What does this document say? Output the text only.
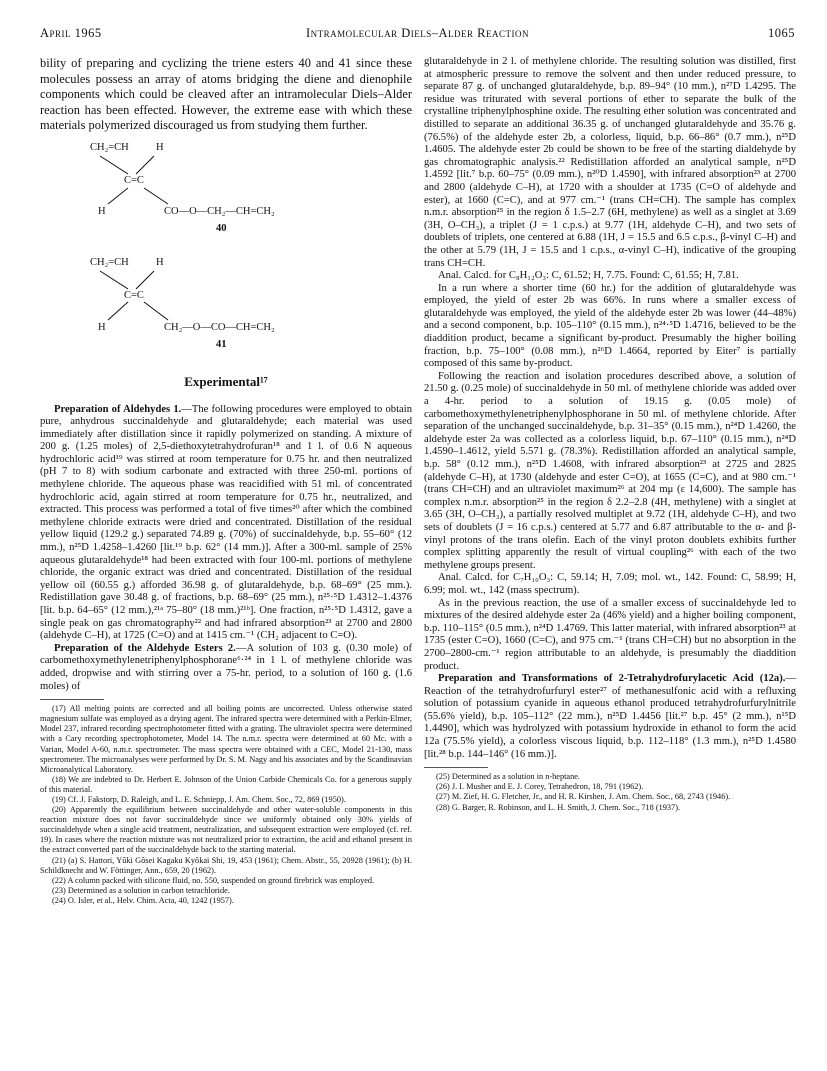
April 1965	Intramolecular Diels–Alder Reaction	1065

bility of preparing and cyclizing the triene esters 40 and 41 since these molecules possess an array of atoms bridging the diene and dienophile components which could be cleaved after an intramolecular Diels–Alder reaction has been effected. However, the extreme ease with which these materials polymerized discouraged us from studying them further.

CH₂=CH	H
C=C
H	CO—O—CH₂—CH=CH₂
40
CH₂=CH	H
C=C
H	CH₂—O—CO—CH=CH₂
41
Experimental¹⁷

Preparation of Aldehydes 1.—The following procedures were employed to obtain pure, anhydrous succinaldehyde and glutaraldehyde; each material was used immediately after distillation since it rapidly polymerized on standing. A mixture of 200 g. (1.25 moles) of 2,5-diethoxytetrahydrofuran¹⁸ and 1 l. of 0.6 N aqueous hydrochloric acid¹⁹ was stirred at room temperature for 0.75 hr. and then neutralized (pH 7 to 8) with sodium carbonate and extracted with three 250-ml. portions of methylene chloride. The aqueous phase was reacidified with 51 ml. of concentrated hydrochloric acid, again stirred at room temperature for 0.75 hr., neutralized, and extracted. This process was performed a total of five times²⁰ after which the combined methylene chloride extracts were dried and concentrated. Distillation of the residual yellow liquid (129.2 g.) separated 74.89 g. (70%) of succinaldehyde, b.p. 55–60° (12 mm.), n²⁵D 1.4258–1.4260 [lit.¹⁹ b.p. 62° (14 mm.)]. After a 300-ml. sample of 25% aqueous glutaraldehyde¹⁸ had been extracted with four 100-ml. portions of methylene chloride, the organic extract was dried and concentrated. Distillation of the residual yellow oil (60.55 g.) afforded 36.98 g. of glutaraldehyde, b.p. 68–69° (25 mm.). Redistillation gave 30.48 g. of fractions, b.p. 68–69° (25 mm.), n²⁵·⁵D 1.4312–1.4376 [lit. b.p. 64–65° (12 mm.),²¹ᵃ 75–80° (18 mm.)²¹ᵇ]. One fraction, n²⁵·⁵D 1.4312, gave a single peak on gas chromatography²² and had infrared absorption²³ at 2700 and 2800 (aldehyde C–H), at 1725 (C=O) and at 1415 cm.⁻¹ (CH₂ adjacent to C=O).

Preparation of the Aldehyde Esters 2.—A solution of 103 g. (0.30 mole) of carbomethoxymethylenetriphenylphosphorane⁶·²⁴ in 1 l. of methylene chloride was added, dropwise and with stirring over a 75-hr. period, to a solution of 160 g. (1.6 moles) of

(17) All melting points are corrected and all boiling points are uncorrected. Unless otherwise stated magnesium sulfate was employed as a drying agent. The infrared spectra were determined with a Perkin-Elmer, Model 237, infrared recording spectrophotometer fitted with a grating. The ultraviolet spectra were determined with a Cary recording spectrophotometer, Model 14. The n.m.r. spectra were determined at 60 Mc. with a Varian, Model A-60, n.m.r. spectrometer. The mass spectra were obtained with a CEC, Model 21-130, mass spectrometer. The microanalyses were performed by Dr. S. M. Nagy and his associates and by the Scandinavian Microanalytical Laboratory.

(18) We are indebted to Dr. Herbert E. Johnson of the Union Carbide Chemicals Co. for a generous supply of this material.

(19) Cf. J. Fakstorp, D. Raleigh, and L. E. Schniepp, J. Am. Chem. Soc., 72, 869 (1950).

(20) Apparently the equilibrium between succinaldehyde and other water-soluble components in this reaction mixture does not favor succinaldehyde since we uniformly obtained only 30% yields of succinaldehyde when a single acid treatment, neutralization, and subsequent extraction were employed (cf. ref. 19). In cases where the reaction mixture was not neutralized prior to extraction, the acid and ethanol present in the extract converted part of the succinaldehyde back to the starting material.

(21) (a) S. Hattori, Yûki Gôsei Kagaku Kyôkai Shi, 19, 453 (1961); Chem. Abstr., 55, 20928 (1961); (b) H. Schildknecht and W. Föttinger, Ann., 659, 20 (1962).

(22) A column packed with silicone fluid, no. 550, suspended on ground firebrick was employed.

(23) Determined as a solution in carbon tetrachloride.

(24) O. Isler, et al., Helv. Chim. Acta, 40, 1242 (1957).

glutaraldehyde in 2 l. of methylene chloride. The resulting solution was distilled, first at atmospheric pressure to remove the solvent and then under reduced pressure, to separate 87 g. of unchanged glutaraldehyde, b.p. 89–94° (10 mm.), n²⁷D 1.4295. The residue was triturated with several portions of ether to separate the bulk of the crystalline triphenylphosphine oxide. The resulting ether solution was concentrated and distilled to separate an additional 36.35 g. of unchanged glutaraldehyde and 35.76 g. (76.5%) of the aldehyde ester 2b, a colorless, liquid, b.p. 66–86° (0.7 mm.), n²⁵D 1.4605. The aldehyde ester 2b could be shown to be free of the starting dialdehyde by gas chromatographic analysis.²² Redistillation afforded an analytical sample, n²⁵D 1.4592 [lit.⁷ b.p. 60–75° (0.09 mm.), n²⁰D 1.4590], with infrared absorption²³ at 2700 and 2800 (aldehyde C–H), at 1720 with a shoulder at 1735 (C=O of aldehyde and ester), at 1660 (C=C), and at 977 cm.⁻¹ (trans CH=CH). The sample has complex n.m.r. absorption²⁵ in the region δ 1.5–2.7 (6H, methylene) as well as a singlet at 3.69 (3H, O–CH₃), a triplet (J = 1 c.p.s.) at 9.77 (1H, aldehyde C–H), and two sets of doublets of triplets, one centered at 6.88 (1H, J = 15.5 and 6.5 c.p.s., β-vinyl C–H) and the other at 5.79 (1H, J = 15.5 and 1 c.p.s., α-vinyl C–H), indicative of the grouping trans CH=CH.

Anal. Calcd. for C₈H₁₂O₃: C, 61.52; H, 7.75. Found: C, 61.55; H, 7.81.

In a run where a shorter time (60 hr.) for the addition of glutaraldehyde was employed, the yield of ester 2b was 66%. In runs where a smaller excess of glutaraldehyde was employed, the yield of the aldehyde ester 2b was lower (44–48%) and a second component, b.p. 105–110° (0.15 mm.), n²⁴·⁵D 1.4716, believed to be the diaddition product, became a significant by-product. Presumably the higher boiling fraction, b.p. 75–100° (0.08 mm.), n²⁶D 1.4664, reported by Eiter⁷ is partially composed of this same by-product.

Following the reaction and isolation procedures described above, a solution of 21.50 g. (0.25 mole) of succinaldehyde in 50 ml. of methylene chloride was added over a 4-hr. period to a solution of 19.15 g. (0.05 mole) of carbomethoxymethylenetriphenylphosphorane in 50 ml. of methylene chloride. After separation of the unchanged succinaldehyde, b.p. 31–35° (0.15 mm.), n²⁴D 1.4260, the aldehyde ester 2a was collected as a colorless liquid, b.p. 67–110° (0.15 mm.), n²⁴D 1.4590–1.4612, yield 5.571 g. (78.3%). Redistillation afforded an analytical sample, b.p. 58° (0.12 mm.), n²⁵D 1.4608, with infrared absorption²³ at 2725 and 2825 (aldehyde C–H), at 1730 (aldehyde and ester C=O), at 1655 (C=C), and at 980 cm.⁻¹ (trans CH=CH) and an ultraviolet maximum²⁶ at 204 mμ (ε 14,600). The sample has complex n.m.r. absorption²⁵ in the region δ 2.2–2.8 (4H, methylene) with a singlet at 3.65 (3H, O–CH₃), a partially resolved multiplet at 9.72 (1H, aldehyde C–H), and two sets of doublets (J = 16 c.p.s.) centered at 5.77 and 6.87 attributable to the α- and β-vinyl protons of the trans olefin. Each of the vinyl proton doublets exhibits further complex splitting apparently the result of virtual coupling²⁶ with each of the two methylene groups present.

Anal. Calcd. for C₇H₁₀O₃: C, 59.14; H, 7.09; mol. wt., 142. Found: C, 58.99; H, 6.99; mol. wt., 142 (mass spectrum).

As in the previous reaction, the use of a smaller excess of succinaldehyde led to mixtures of the desired aldehyde ester 2a (46% yield) and a higher boiling component, b.p. 110–115° (0.5 mm.), n²⁴D 1.4769. This latter material, with infrared absorption²³ at 1735 (ester C=O), 1660 (C=C), and 975 cm.⁻¹ (trans CH=CH) but no absorption in the 2700–2800-cm.⁻¹ region attributable to an aldehyde, is presumably the diaddition product.

Preparation and Transformations of 2-Tetrahydrofurylacetic Acid (12a).—Reaction of the tetrahydrofurfuryl ester²⁷ of methanesulfonic acid with a refluxing solution of potassium cyanide in aqueous ethanol produced tetrahydrofurfurylnitrile (55.6% yield), b.p. 105–112° (22 mm.), n²⁵D 1.4456 [lit.²⁷ b.p. 45° (2 mm.), n¹⁵D 1.4490], which was hydrolyzed with potassium hydroxide in ethanol to form the acid 12a (75.5% yield), a colorless viscous liquid, b.p. 112–118° (1.3 mm.), n²⁵D 1.4580 [lit.²⁸ b.p. 144–146° (16 mm.)].

(25) Determined as a solution in n-heptane.

(26) J. I. Musher and E. J. Corey, Tetrahedron, 18, 791 (1962).

(27) M. Zief, H. G. Fletcher, Jr., and H. R. Kirshen, J. Am. Chem. Soc., 68, 2743 (1946).

(28) G. Barger, R. Robinson, and L. H. Smith, J. Chem. Soc., 718 (1937).
